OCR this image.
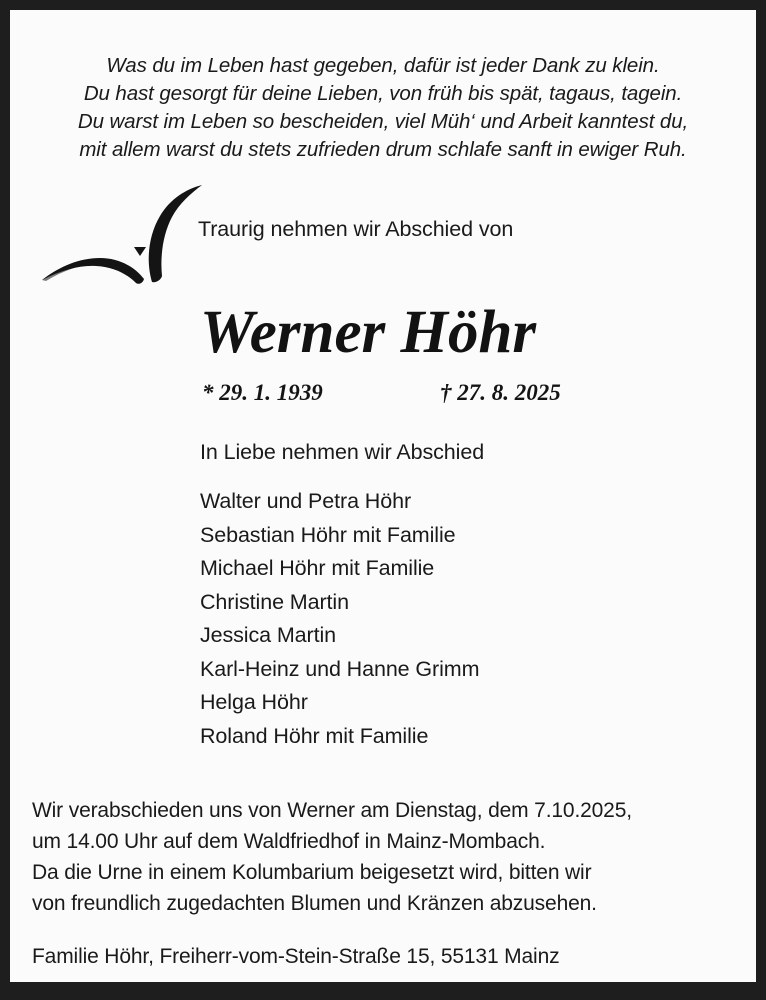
Was du im Leben hast gegeben, dafür ist jeder Dank zu klein.
Du hast gesorgt für deine Lieben, von früh bis spät, tagaus, tagein.
Du warst im Leben so bescheiden, viel Müh‘ und Arbeit kanntest du,
mit allem warst du stets zufrieden drum schlafe sanft in ewiger Ruh.
Traurig nehmen wir Abschied von
Werner Höhr
* 29. 1. 1939	† 27. 8. 2025
In Liebe nehmen wir Abschied
Walter und Petra Höhr
Sebastian Höhr mit Familie
Michael Höhr mit Familie
Christine Martin
Jessica Martin
Karl-Heinz und Hanne Grimm
Helga Höhr
Roland Höhr mit Familie
Wir verabschieden uns von Werner am Dienstag, dem 7.10.2025,
um 14.00 Uhr auf dem Waldfriedhof in Mainz-Mombach.
Da die Urne in einem Kolumbarium beigesetzt wird, bitten wir
von freundlich zugedachten Blumen und Kränzen abzusehen.
Familie Höhr, Freiherr-vom-Stein-Straße 15, 55131 Mainz
